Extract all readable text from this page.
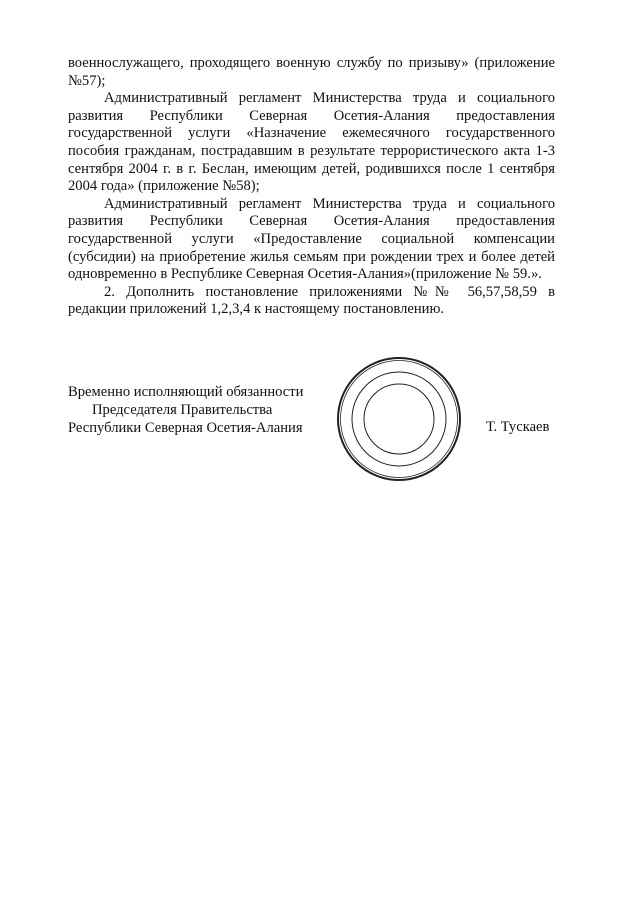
военнослужащего, проходящего военную службу по призыву» (приложение №57);

Административный регламент Министерства труда и социального развития Республики Северная Осетия-Алания предоставления государственной услуги «Назначение ежемесячного государственного пособия гражданам, пострадавшим в результате террористического акта 1-3 сентября 2004 г. в г. Беслан, имеющим детей, родившихся после 1 сентября 2004 года» (приложение №58);

Административный регламент Министерства труда и социального развития Республики Северная Осетия-Алания предоставления государственной услуги «Предоставление социальной компенсации (субсидии) на приобретение жилья семьям при рождении трех и более детей одновременно в Республике Северная Осетия-Алания»(приложение № 59.».

2. Дополнить постановление приложениями №№ 56,57,58,59 в редакции приложений 1,2,3,4 к настоящему постановлению.

Временно исполняющий обязанности
Председателя Правительства
Республики Северная Осетия-Алания	Т. Тускаев
